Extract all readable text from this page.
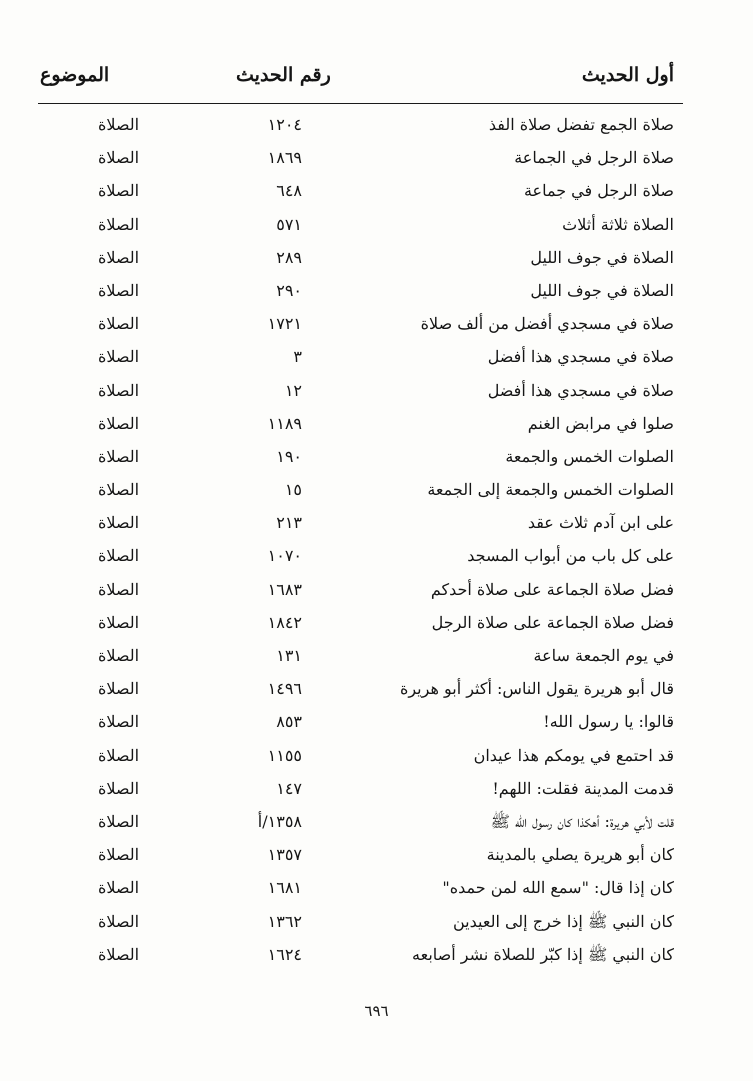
أول الحديث
رقم الحديث
الموضوع
صلاة الجمع تفضل صلاة الفذ
١٢٠٤
الصلاة
صلاة الرجل في الجماعة
١٨٦٩
الصلاة
صلاة الرجل في جماعة
٦٤٨
الصلاة
الصلاة ثلاثة أثلاث
٥٧١
الصلاة
الصلاة في جوف الليل
٢٨٩
الصلاة
الصلاة في جوف الليل
٢٩٠
الصلاة
صلاة في مسجدي أفضل من ألف صلاة
١٧٢١
الصلاة
صلاة في مسجدي هذا أفضل
٣
الصلاة
صلاة في مسجدي هذا أفضل
١٢
الصلاة
صلوا في مرابض الغنم
١١٨٩
الصلاة
الصلوات الخمس والجمعة
١٩٠
الصلاة
الصلوات الخمس والجمعة إلى الجمعة
١٥
الصلاة
على ابن آدم ثلاث عقد
٢١٣
الصلاة
على كل باب من أبواب المسجد
١٠٧٠
الصلاة
فضل صلاة الجماعة على صلاة أحدكم
١٦٨٣
الصلاة
فضل صلاة الجماعة على صلاة الرجل
١٨٤٢
الصلاة
في يوم الجمعة ساعة
١٣١
الصلاة
قال أبو هريرة يقول الناس: أكثر أبو هريرة
١٤٩٦
الصلاة
قالوا: يا رسول الله!
٨٥٣
الصلاة
قد احتمع في يومكم هذا عيدان
١١٥٥
الصلاة
قدمت المدينة فقلت: اللهم!
١٤٧
الصلاة
قلت لأبي هريرة: أهكذا كان رسول الله ﷺ
١٣٥٨/أ
الصلاة
كان أبو هريرة يصلي بالمدينة
١٣٥٧
الصلاة
كان إذا قال: "سمع الله لمن حمده"
١٦٨١
الصلاة
كان النبي ﷺ إذا خرج إلى العيدين
١٣٦٢
الصلاة
كان النبي ﷺ إذا كبّر للصلاة نشر أصابعه
١٦٢٤
الصلاة
٦٩٦
